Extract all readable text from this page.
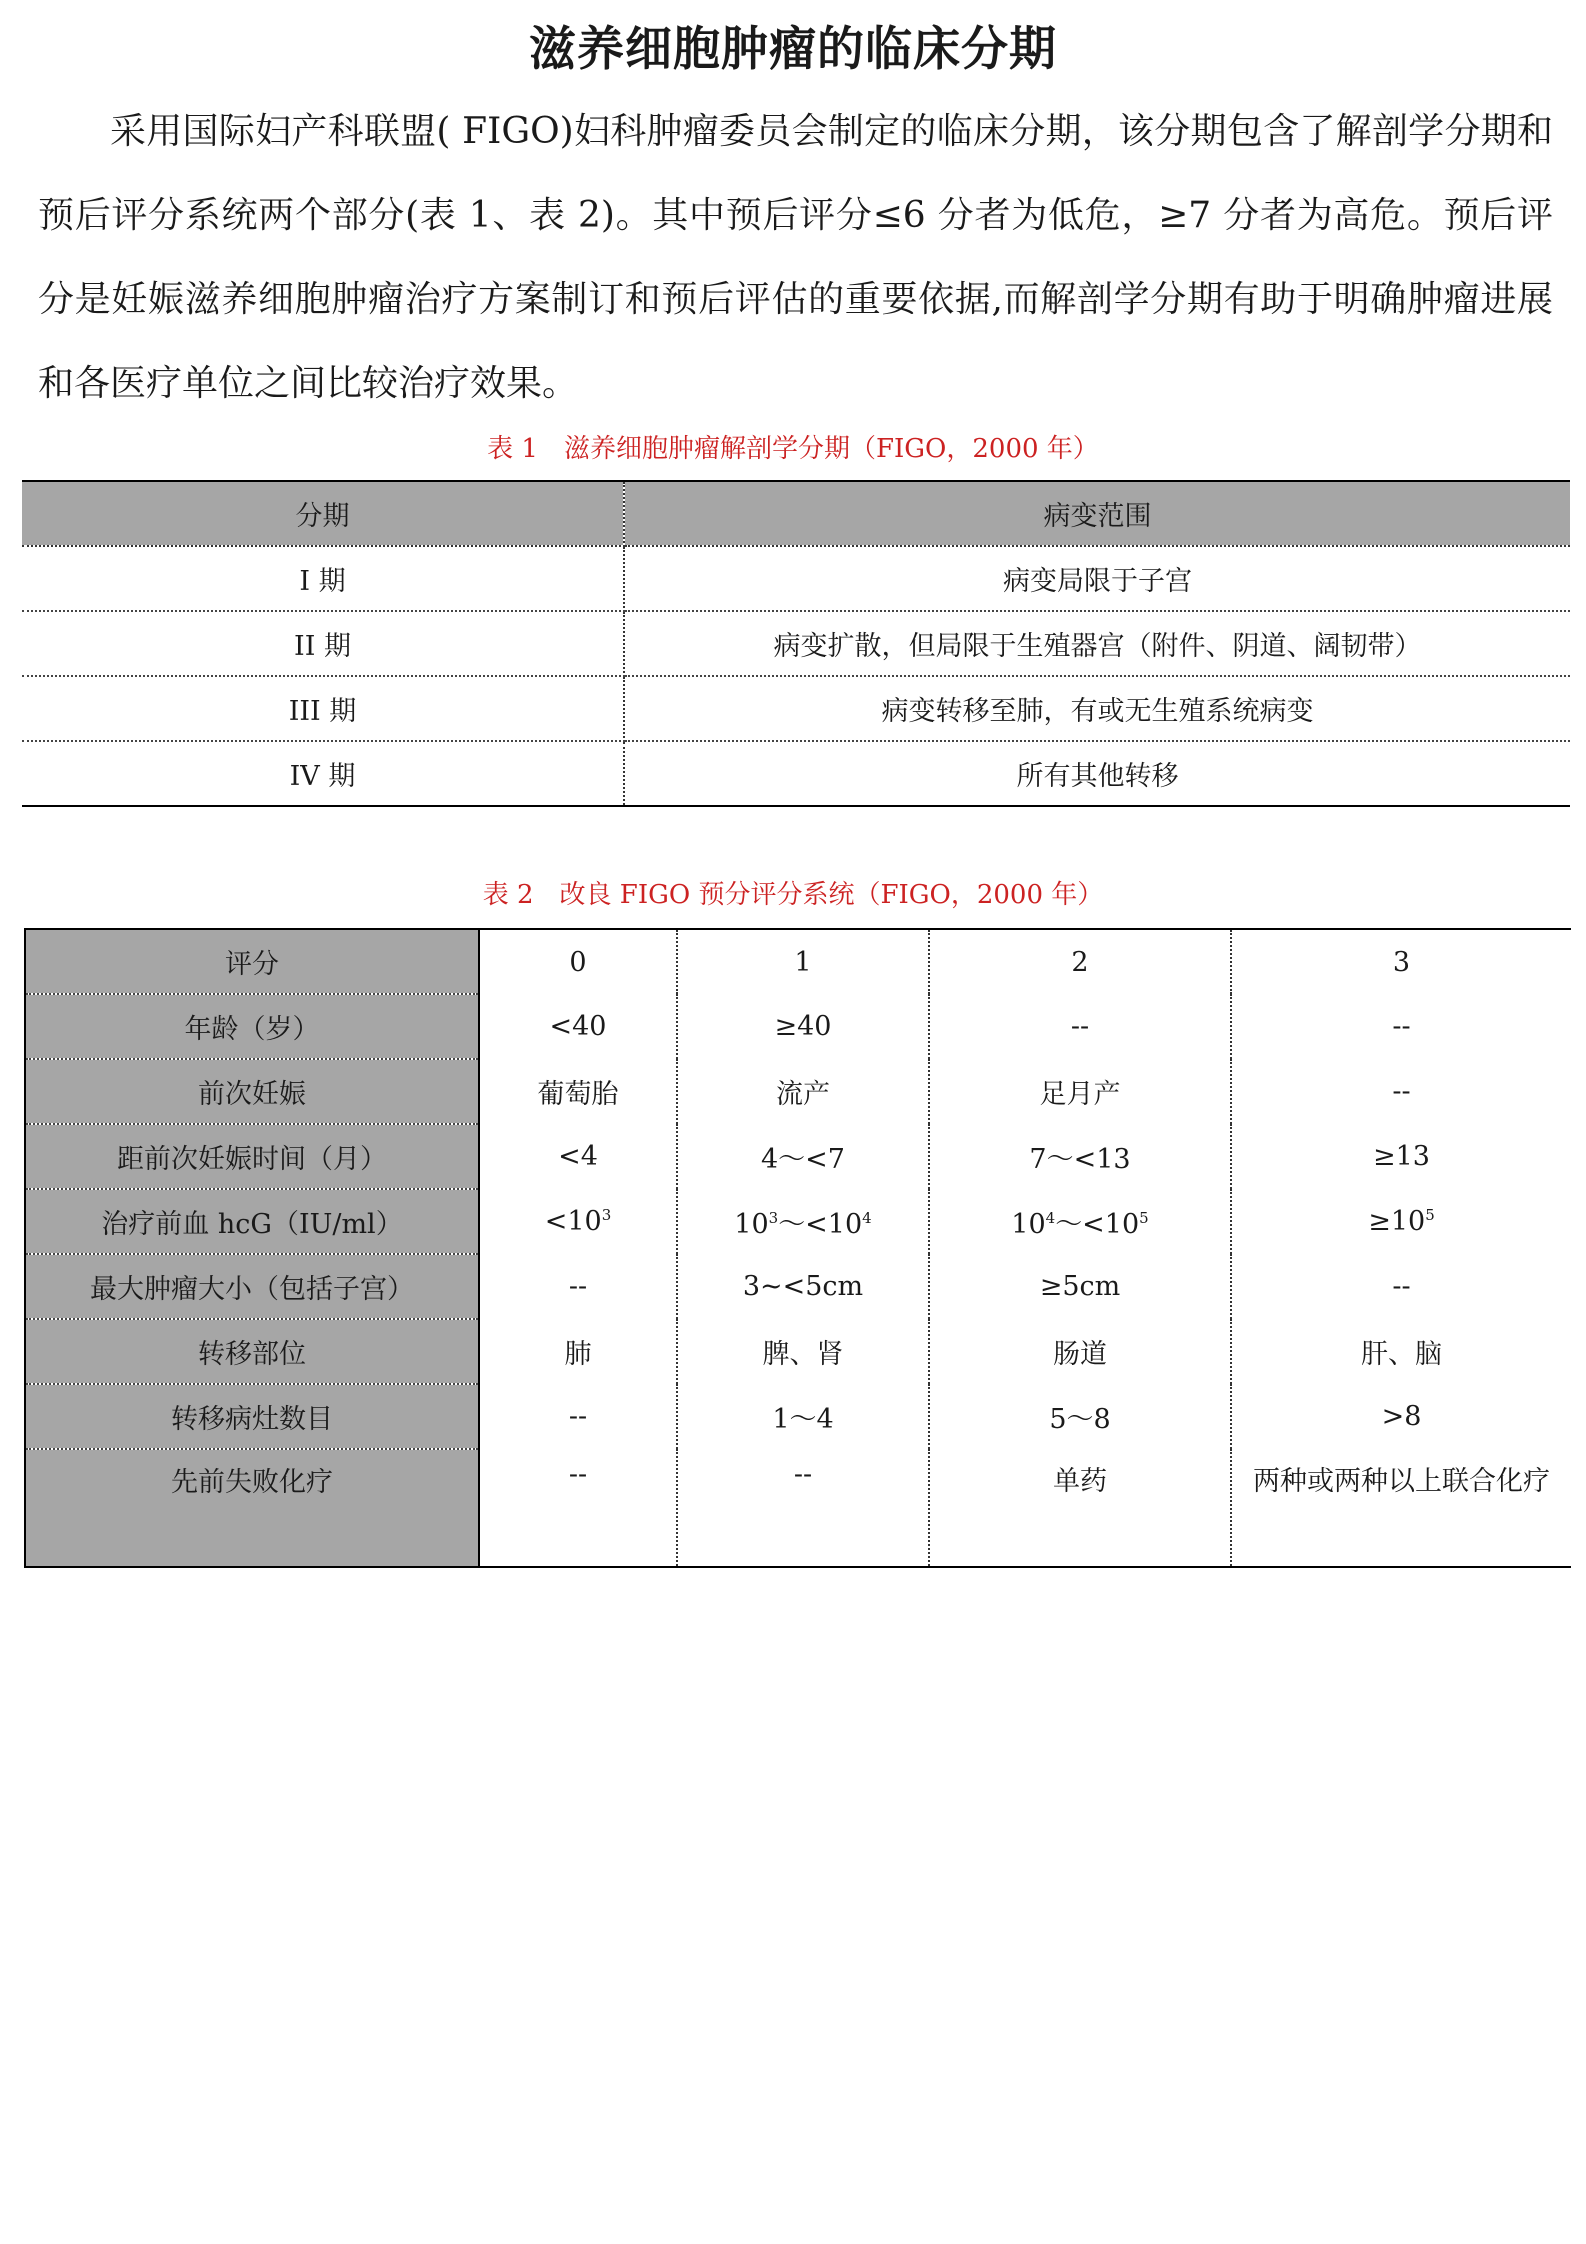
滋养细胞肿瘤的临床分期

采用国际妇产科联盟( FIGO)妇科肿瘤委员会制定的临床分期，该分期包含了解剖学分期和预后评分系统两个部分(表 1、表 2)。其中预后评分≤6 分者为低危，≥7 分者为高危。预后评分是妊娠滋养细胞肿瘤治疗方案制订和预后评估的重要依据,而解剖学分期有助于明确肿瘤进展和各医疗单位之间比较治疗效果。

表 1　滋养细胞肿瘤解剖学分期（FIGO，2000 年）
分期	病变范围
I 期	病变局限于子宫
II 期	病变扩散，但局限于生殖器宫（附件、阴道、阔韧带）
III 期	病变转移至肺，有或无生殖系统病变
IV 期	所有其他转移
表 2　改良 FIGO 预分评分系统（FIGO，2000 年）
评分	0	1	2	3
年龄（岁）	<40	≥40	--	--
前次妊娠	葡萄胎	流产	足月产	--
距前次妊娠时间（月）	<4	4～<7	7～<13	≥13
治疗前血 hcG（IU/ml）	$<10^3$	$10^3\sim<10^4$	$10^4\sim<10^5$	$\ge 10^5$
最大肿瘤大小（包括子宫）	--	3~<5cm	≥5cm	--
转移部位	肺	脾、肾	肠道	肝、脑
转移病灶数目	--	1～4	5～8	>8
先前失败化疗	--	--	单药	两种或两种以上联合化疗
